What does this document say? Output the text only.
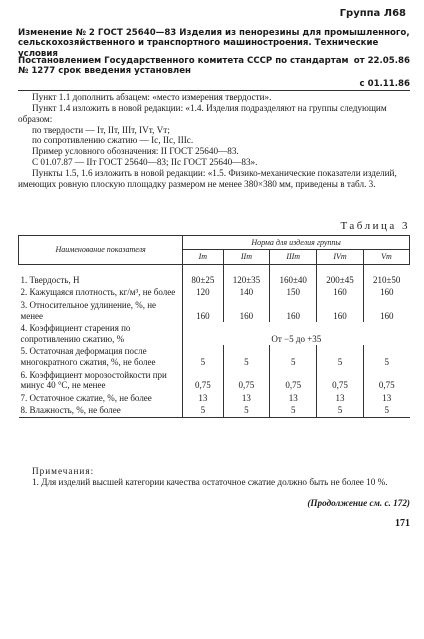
Группа Л68
Изменение № 2 ГОСТ 25640—83 Изделия из пенорезины для промышленного, сельскохозяйственного и транспортного машиностроения. Технические условия
Постановлением Государственного комитета СССР по стандартам от 22.05.86
№ 1277 срок введения установлен
с 01.11.86

Пункт 1.1 дополнить абзацем: «место измерения твердости».

Пункт 1.4 изложить в новой редакции: «1.4. Изделия подразделяют на группы следующим образом:

по твердости — Iт, IIт, IIIт, IVт, Vт;

по сопротивлению сжатию — Iс, IIс, IIIс.

Пример условного обозначения: II ГОСТ 25640—83.

С 01.07.87 — IIт ГОСТ 25640—83; IIс ГОСТ 25640—83».

Пункты 1.5, 1.6 изложить в новой редакции: «1.5. Физико-механические показатели изделий, имеющих ровную плоскую площадку размером не менее 380×380 мм, приведены в табл. 3.

Таблица 3
Наименование показателя	Норма для изделия группы				
	Iт	IIт	IIIт	IVт	Vт
1. Твердость, Н	80±25	120±35	160±40	200±45	210±50
2. Кажущаяся плотность, кг/м³, не более	120	140	150	160	160
3. Относительное удлинение, %, не менее	160	160	160	160	160
4. Коэффициент старения по сопротивлению сжатию, %	От −5 до +35				
5. Остаточная деформация после многократного сжатия, %, не более	5	5	5	5	5
6. Коэффициент морозостойкости при минус 40 °С, не менее	0,75	0,75	0,75	0,75	0,75
7. Остаточное сжатие, %, не более	13	13	13	13	13
8. Влажность, %, не более	5	5	5	5	5

Примечания:

1. Для изделий высшей категории качества остаточное сжатие должно быть не более 10 %.

(Продолжение см. с. 172)
171
